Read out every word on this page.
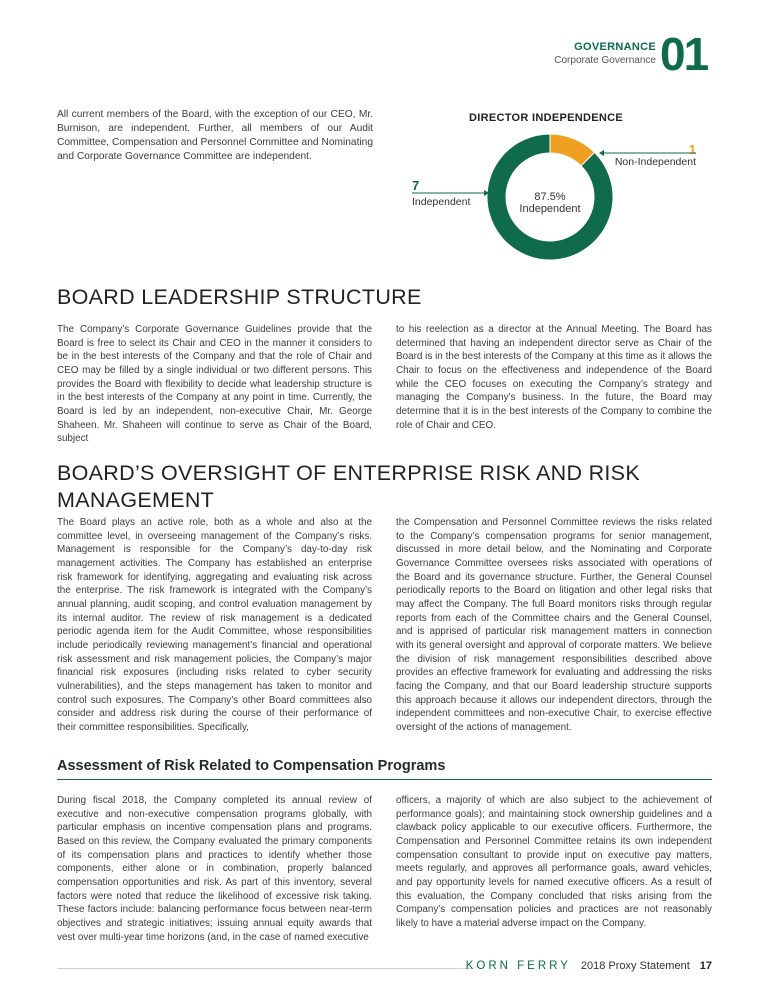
GOVERNANCE
Corporate Governance 01
All current members of the Board, with the exception of our CEO, Mr. Burnison, are independent. Further, all members of our Audit Committee, Compensation and Personnel Committee and Nominating and Corporate Governance Committee are independent.
DIRECTOR INDEPENDENCE
87.5%
Independent
7
Independent
1
Non-Independent
BOARD LEADERSHIP STRUCTURE
The Company’s Corporate Governance Guidelines provide that the Board is free to select its Chair and CEO in the manner it considers to be in the best interests of the Company and that the role of Chair and CEO may be filled by a single individual or two different persons. This provides the Board with flexibility to decide what leadership structure is in the best interests of the Company at any point in time. Currently, the Board is led by an independent, non-executive Chair, Mr. George Shaheen. Mr. Shaheen will continue to serve as Chair of the Board, subject
to his reelection as a director at the Annual Meeting. The Board has determined that having an independent director serve as Chair of the Board is in the best interests of the Company at this time as it allows the Chair to focus on the effectiveness and independence of the Board while the CEO focuses on executing the Company’s strategy and managing the Company’s business. In the future, the Board may determine that it is in the best interests of the Company to combine the role of Chair and CEO.
BOARD’S OVERSIGHT OF ENTERPRISE RISK AND RISK
MANAGEMENT
The Board plays an active role, both as a whole and also at the committee level, in overseeing management of the Company’s risks. Management is responsible for the Company’s day-to-day risk management activities. The Company has established an enterprise risk framework for identifying, aggregating and evaluating risk across the enterprise. The risk framework is integrated with the Company’s annual planning, audit scoping, and control evaluation management by its internal auditor. The review of risk management is a dedicated periodic agenda item for the Audit Committee, whose responsibilities include periodically reviewing management’s financial and operational risk assessment and risk management policies, the Company’s major financial risk exposures (including risks related to cyber security vulnerabilities), and the steps management has taken to monitor and control such exposures. The Company’s other Board committees also consider and address risk during the course of their performance of their committee responsibilities. Specifically,
the Compensation and Personnel Committee reviews the risks related to the Company’s compensation programs for senior management, discussed in more detail below, and the Nominating and Corporate Governance Committee oversees risks associated with operations of the Board and its governance structure. Further, the General Counsel periodically reports to the Board on litigation and other legal risks that may affect the Company. The full Board monitors risks through regular reports from each of the Committee chairs and the General Counsel, and is apprised of particular risk management matters in connection with its general oversight and approval of corporate matters. We believe the division of risk management responsibilities described above provides an effective framework for evaluating and addressing the risks facing the Company, and that our Board leadership structure supports this approach because it allows our independent directors, through the independent committees and non-executive Chair, to exercise effective oversight of the actions of management.
Assessment of Risk Related to Compensation Programs
During fiscal 2018, the Company completed its annual review of executive and non-executive compensation programs globally, with particular emphasis on incentive compensation plans and programs. Based on this review, the Company evaluated the primary components of its compensation plans and practices to identify whether those components, either alone or in combination, properly balanced compensation opportunities and risk. As part of this inventory, several factors were noted that reduce the likelihood of excessive risk taking. These factors include: balancing performance focus between near-term objectives and strategic initiatives; issuing annual equity awards that vest over multi-year time horizons (and, in the case of named executive
officers, a majority of which are also subject to the achievement of performance goals); and maintaining stock ownership guidelines and a clawback policy applicable to our executive officers. Furthermore, the Compensation and Personnel Committee retains its own independent compensation consultant to provide input on executive pay matters, meets regularly, and approves all performance goals, award vehicles, and pay opportunity levels for named executive officers. As a result of this evaluation, the Company concluded that risks arising from the Company’s compensation policies and practices are not reasonably likely to have a material adverse impact on the Company.
KORN FERRY 2018 Proxy Statement 17
